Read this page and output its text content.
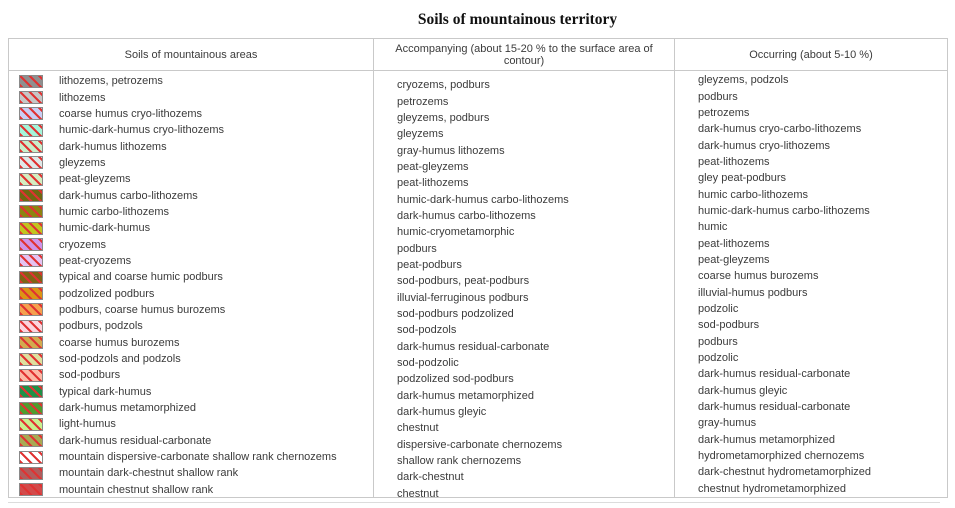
Soils of mountainous territory
Soils of mountainous areas
lithozems, petrozems
lithozems
coarse humus cryo-lithozems
humic-dark-humus cryo-lithozems
dark-humus lithozems
gleyzems
peat-gleyzems
dark-humus carbo-lithozems
humic carbo-lithozems
humic-dark-humus
cryozems
peat-cryozems
typical and coarse humic podburs
podzolized podburs
podburs, coarse humus burozems
podburs, podzols
coarse humus burozems
sod-podzols and podzols
sod-podburs
typical dark-humus
dark-humus metamorphized
light-humus
dark-humus residual-carbonate
mountain dispersive-carbonate shallow rank chernozems
mountain dark-chestnut shallow rank
mountain chestnut shallow rank
Accompanying (about 15-20 % to the surface area of contour)
cryozems, podburs
petrozems
gleyzems, podburs
gleyzems
gray-humus lithozems
peat-gleyzems
peat-lithozems
humic-dark-humus carbo-lithozems
dark-humus carbo-lithozems
humic-cryometamorphic
podburs
peat-podburs
sod-podburs, peat-podburs
illuvial-ferruginous podburs
sod-podburs podzolized
sod-podzols
dark-humus residual-carbonate
sod-podzolic
podzolized sod-podburs
dark-humus metamorphized
dark-humus gleyic
chestnut
dispersive-carbonate chernozems
shallow rank chernozems
dark-chestnut
chestnut
Occurring (about 5-10 %)
gleyzems, podzols
podburs
petrozems
dark-humus cryo-carbo-lithozems
dark-humus cryo-lithozems
peat-lithozems
gley peat-podburs
humic carbo-lithozems
humic-dark-humus carbo-lithozems
humic
peat-lithozems
peat-gleyzems
coarse humus burozems
illuvial-humus podburs
podzolic
sod-podburs
podburs
podzolic
dark-humus residual-carbonate
dark-humus gleyic
dark-humus residual-carbonate
gray-humus
dark-humus metamorphized
hydrometamorphized chernozems
dark-chestnut hydrometamorphized
chestnut hydrometamorphized
